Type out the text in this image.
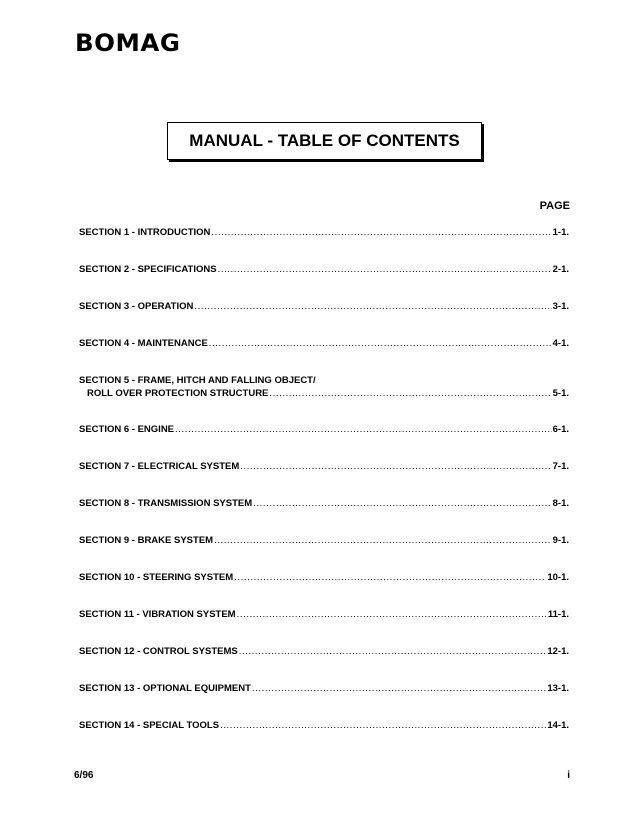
BOMAG
MANUAL - TABLE OF CONTENTS
PAGE
SECTION 1 - INTRODUCTION .....	1-1.
SECTION 2 - SPECIFICATIONS .....	2-1.
SECTION 3 - OPERATION .....	3-1.
SECTION 4 - MAINTENANCE .....	4-1.
SECTION 5 - FRAME, HITCH AND FALLING OBJECT/
ROLL OVER PROTECTION STRUCTURE .....	5-1.
SECTION 6 - ENGINE .....	6-1.
SECTION 7 - ELECTRICAL SYSTEM .....	7-1.
SECTION 8 - TRANSMISSION SYSTEM .....	8-1.
SECTION 9 - BRAKE SYSTEM .....	9-1.
SECTION 10 - STEERING SYSTEM .....	10-1.
SECTION 11 - VIBRATION SYSTEM .....	11-1.
SECTION 12 - CONTROL SYSTEMS .....	12-1.
SECTION 13 - OPTIONAL EQUIPMENT .....	13-1.
SECTION 14 - SPECIAL TOOLS .....	14-1.
6/96	i
